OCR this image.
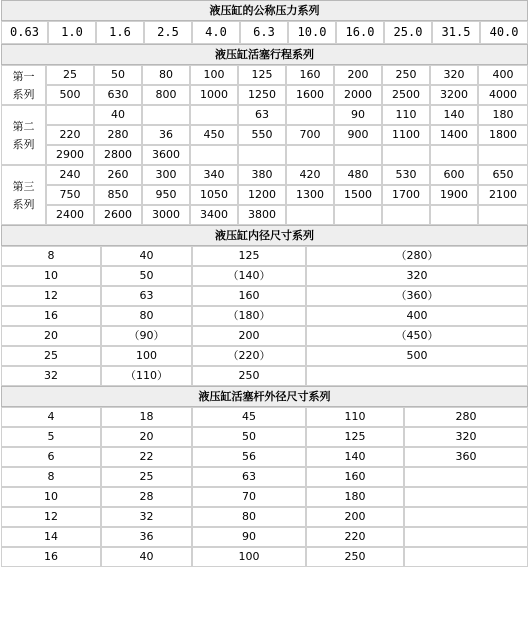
液压缸的公称压力系列
0.63	1.0	1.6	2.5	4.0	6.3	10.0	16.0	25.0	31.5	40.0
液压缸活塞行程系列
第一
系列	25	50	80	100	125	160	200	250	320	400
	500	630	800	1000	1250	1600	2000	2500	3200	4000

第二
系列		40			63		90	110	140	180
	220	280	36	450	550	700	900	1100	1400	1800
	2900	2800	3600							

第三
系列	240	260	300	340	380	420	480	530	600	650
	750	850	950	1050	1200	1300	1500	1700	1900	2100
	2400	2600	3000	3400	3800					
液压缸内径尺寸系列			
8	40	125	（280）
10	50	（140）	320
12	63	160	（360）
16	80	（180）	400
20	（90）	200	（450）
25	100	（220）	500
32	（110）	250	
液压缸活塞杆外径尺寸系列				
4	18	45	110	280
5	20	50	125	320
6	22	56	140	360
8	25	63	160	
10	28	70	180	
12	32	80	200	
14	36	90	220	
16	40	100	250	
